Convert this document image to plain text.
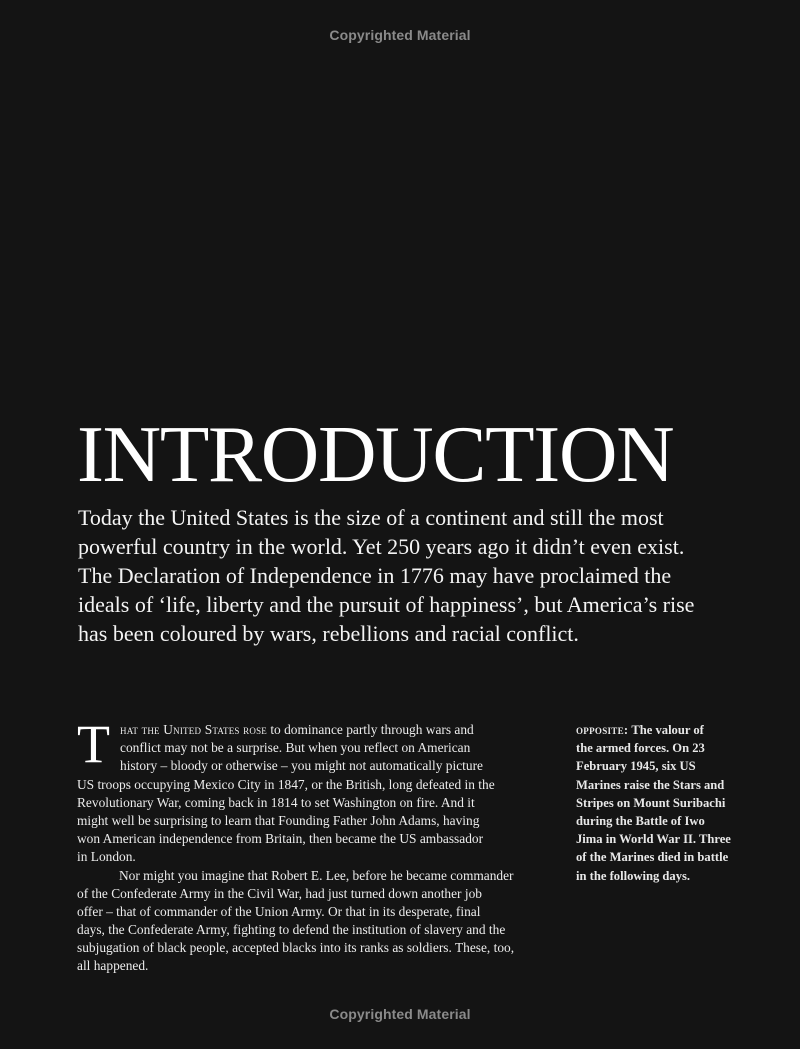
Copyrighted Material
INTRODUCTION

Today the United States is the size of a continent and still the most
powerful country in the world. Yet 250 years ago it didn’t even exist.
The Declaration of Independence in 1776 may have proclaimed the
ideals of ‘life, liberty and the pursuit of happiness’, but America’s rise
has been coloured by wars, rebellions and racial conflict.

T hat the United States rose to dominance partly through wars and
conflict may not be a surprise. But when you reflect on American
history – bloody or otherwise – you might not automatically picture
US troops occupying Mexico City in 1847, or the British, long defeated in the
Revolutionary War, coming back in 1814 to set Washington on fire. And it
might well be surprising to learn that Founding Father John Adams, having
won American independence from Britain, then became the US ambassador
in London.
Nor might you imagine that Robert E. Lee, before he became commander
of the Confederate Army in the Civil War, had just turned down another job
offer – that of commander of the Union Army. Or that in its desperate, final
days, the Confederate Army, fighting to defend the institution of slavery and the
subjugation of black people, accepted blacks into its ranks as soldiers. These, too,
all happened.
opposite: The valour of
the armed forces. On 23
February 1945, six US
Marines raise the Stars and
Stripes on Mount Suribachi
during the Battle of Iwo
Jima in World War II. Three
of the Marines died in battle
in the following days.
Copyrighted Material
